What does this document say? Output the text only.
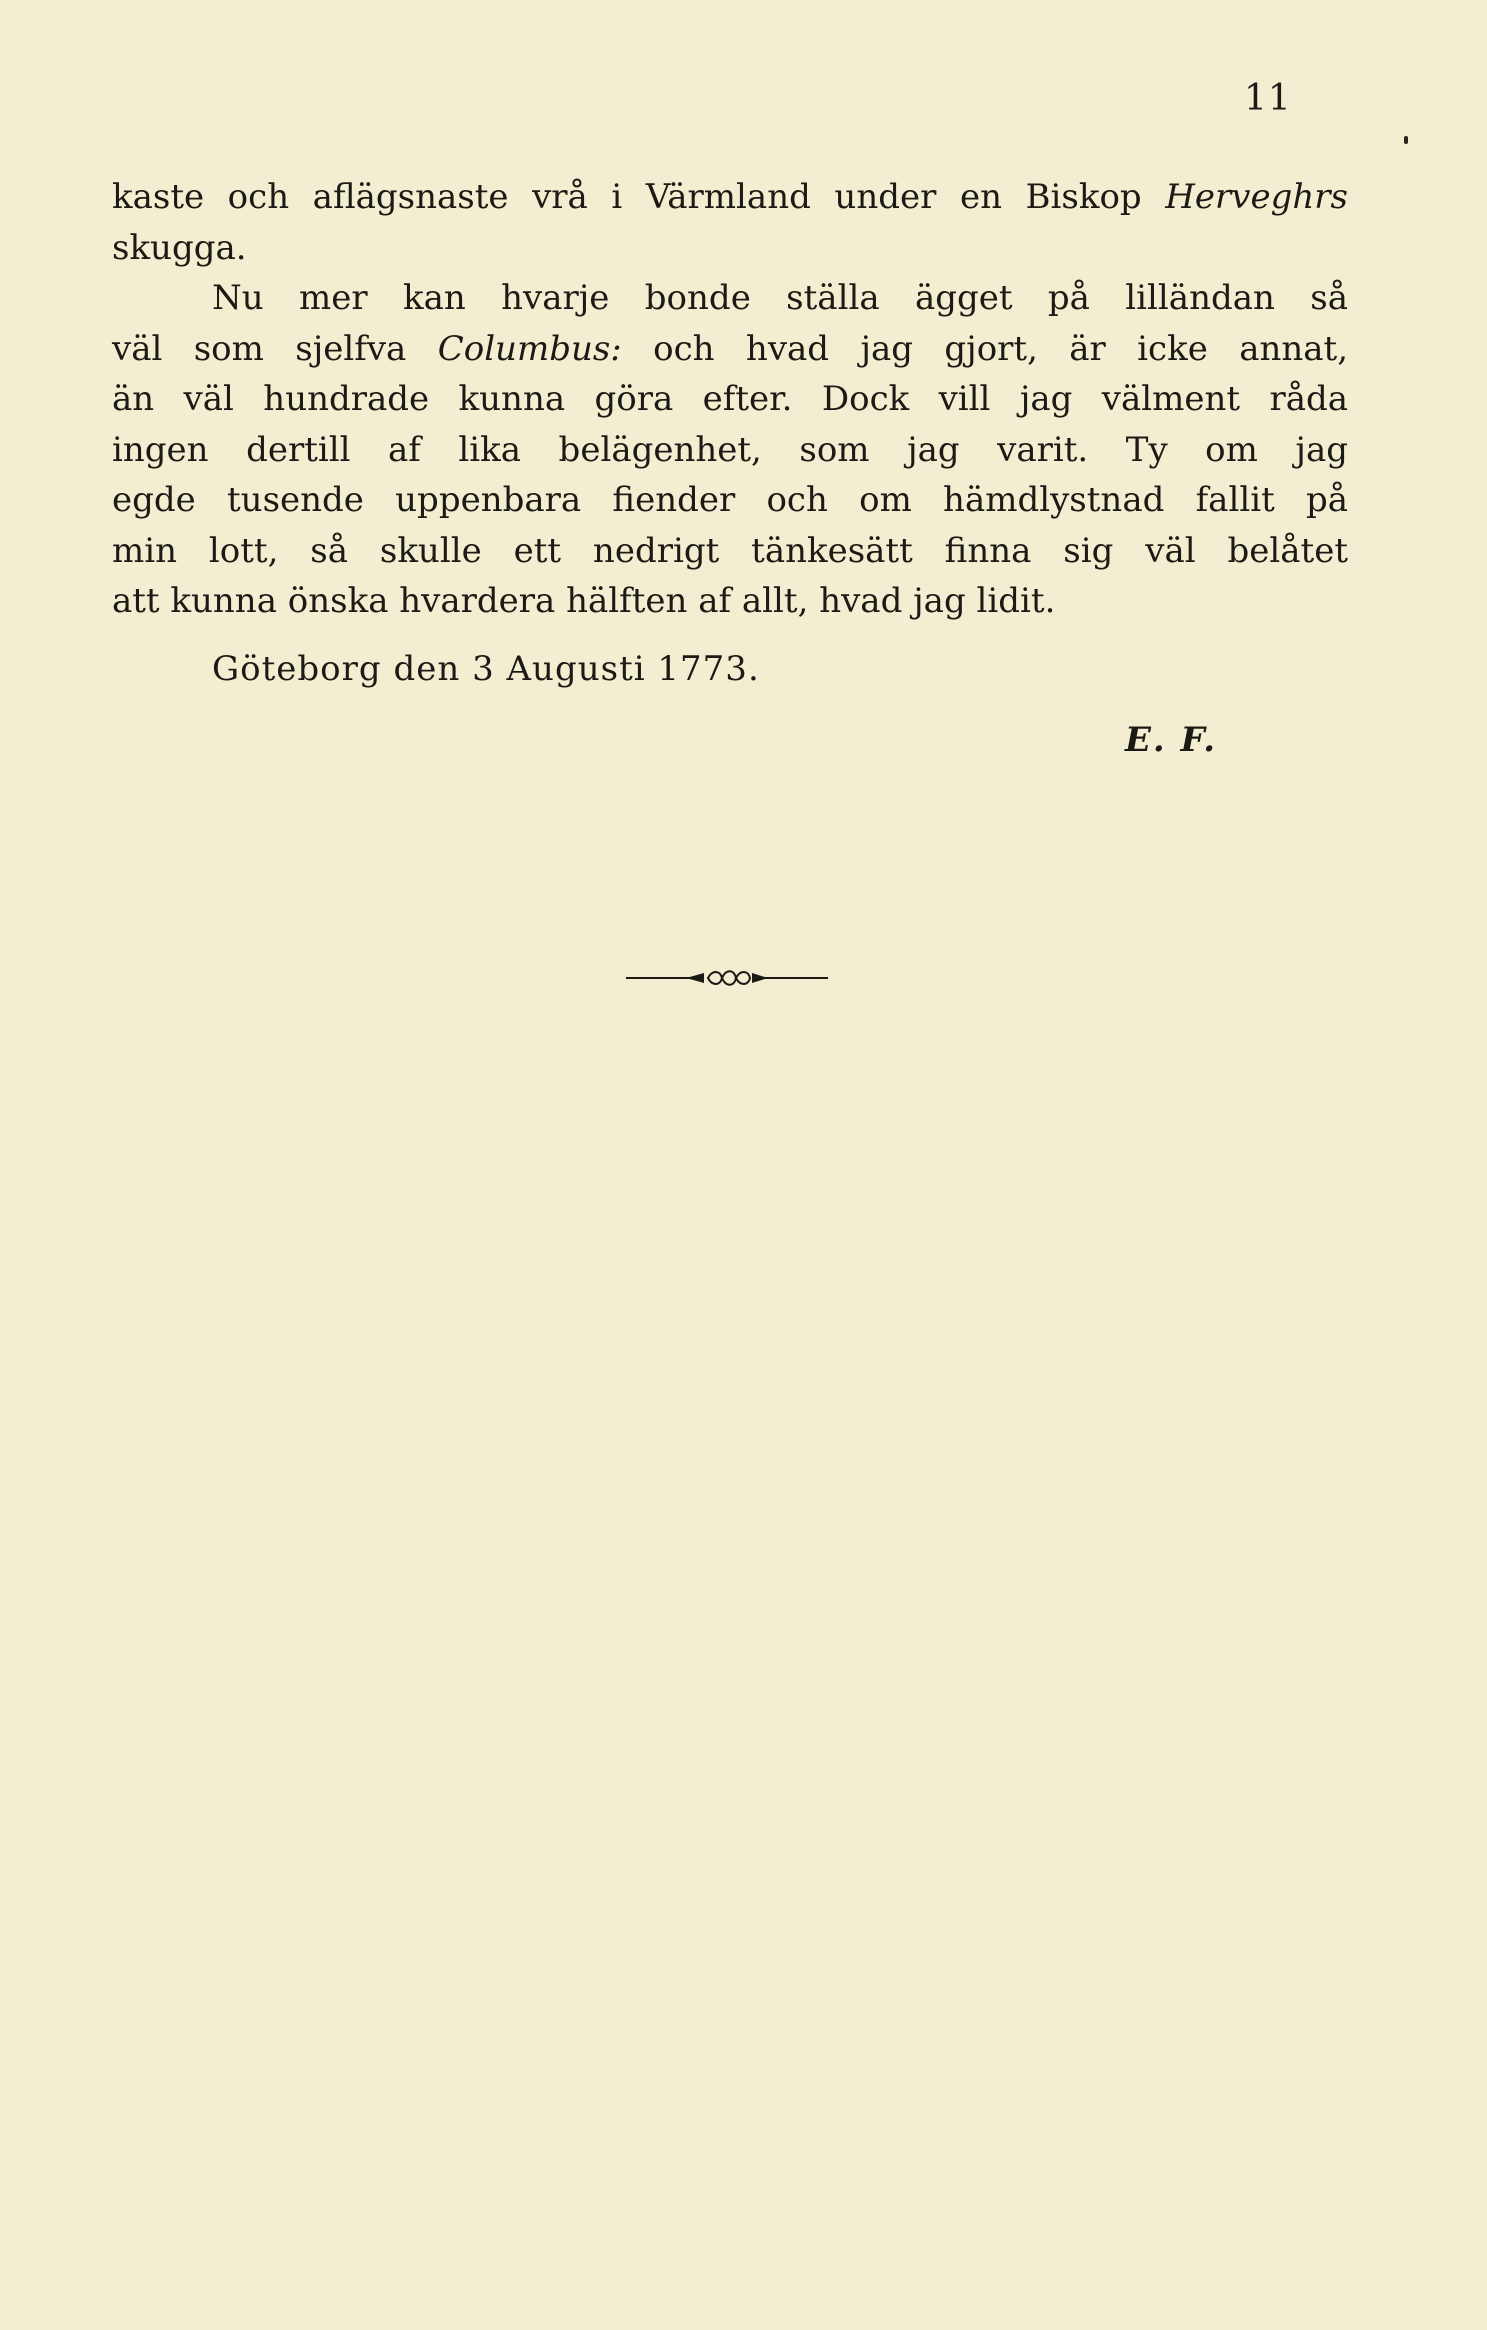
11
kaste och aflägsnaste vrå i Värmland under en Biskop Herveghrs
skugga.
Nu mer kan hvarje bonde ställa ägget på lilländan så
väl som sjelfva Columbus: och hvad jag gjort, är icke annat,
än väl hundrade kunna göra efter. Dock vill jag välment råda
ingen dertill af lika belägenhet, som jag varit. Ty om jag
egde tusende uppenbara fiender och om hämdlystnad fallit på
min lott, så skulle ett nedrigt tänkesätt finna sig väl belåtet
att kunna önska hvardera hälften af allt, hvad jag lidit.
Göteborg den 3 Augusti 1773.
E. F.
